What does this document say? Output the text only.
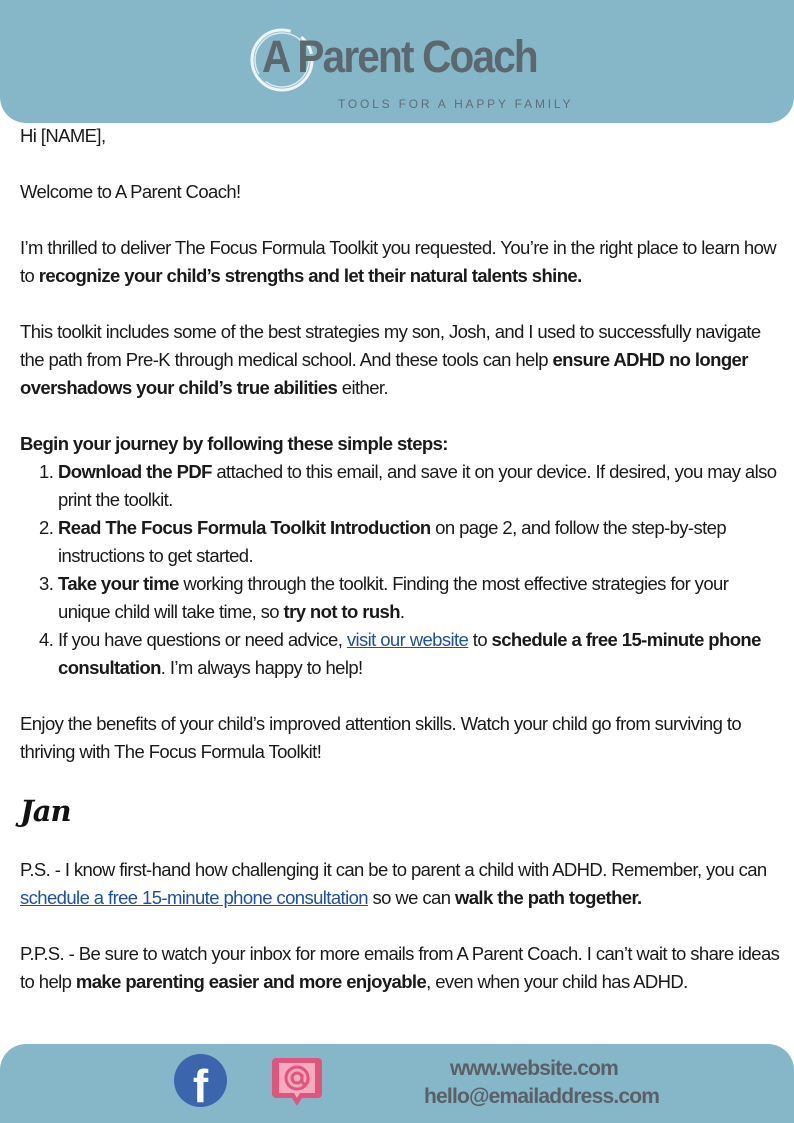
A Parent Coach
TOOLS FOR A HAPPY FAMILY

Hi [NAME],

Welcome to A Parent Coach!

I’m thrilled to deliver The Focus Formula Toolkit you requested. You’re in the right place to learn how to recognize your child’s strengths and let their natural talents shine.

This toolkit includes some of the best strategies my son, Josh, and I used to successfully navigate the path from Pre-K through medical school. And these tools can help ensure ADHD no longer overshadows your child’s true abilities either.

Begin your journey by following these simple steps:
1. Download the PDF attached to this email, and save it on your device. If desired, you may also print the toolkit.
2. Read The Focus Formula Toolkit Introduction on page 2, and follow the step-by-step instructions to get started.
3. Take your time working through the toolkit. Finding the most effective strategies for your unique child will take time, so try not to rush.
4. If you have questions or need advice, visit our website to schedule a free 15-minute phone consultation. I’m always happy to help!

Enjoy the benefits of your child’s improved attention skills. Watch your child go from surviving to thriving with The Focus Formula Toolkit!

Jan

P.S. - I know first-hand how challenging it can be to parent a child with ADHD. Remember, you can schedule a free 15-minute phone consultation so we can walk the path together.

P.P.S. - Be sure to watch your inbox for more emails from A Parent Coach. I can’t wait to share ideas to help make parenting easier and more enjoyable, even when your child has ADHD.

f	www.website.com
hello@emailaddress.com
